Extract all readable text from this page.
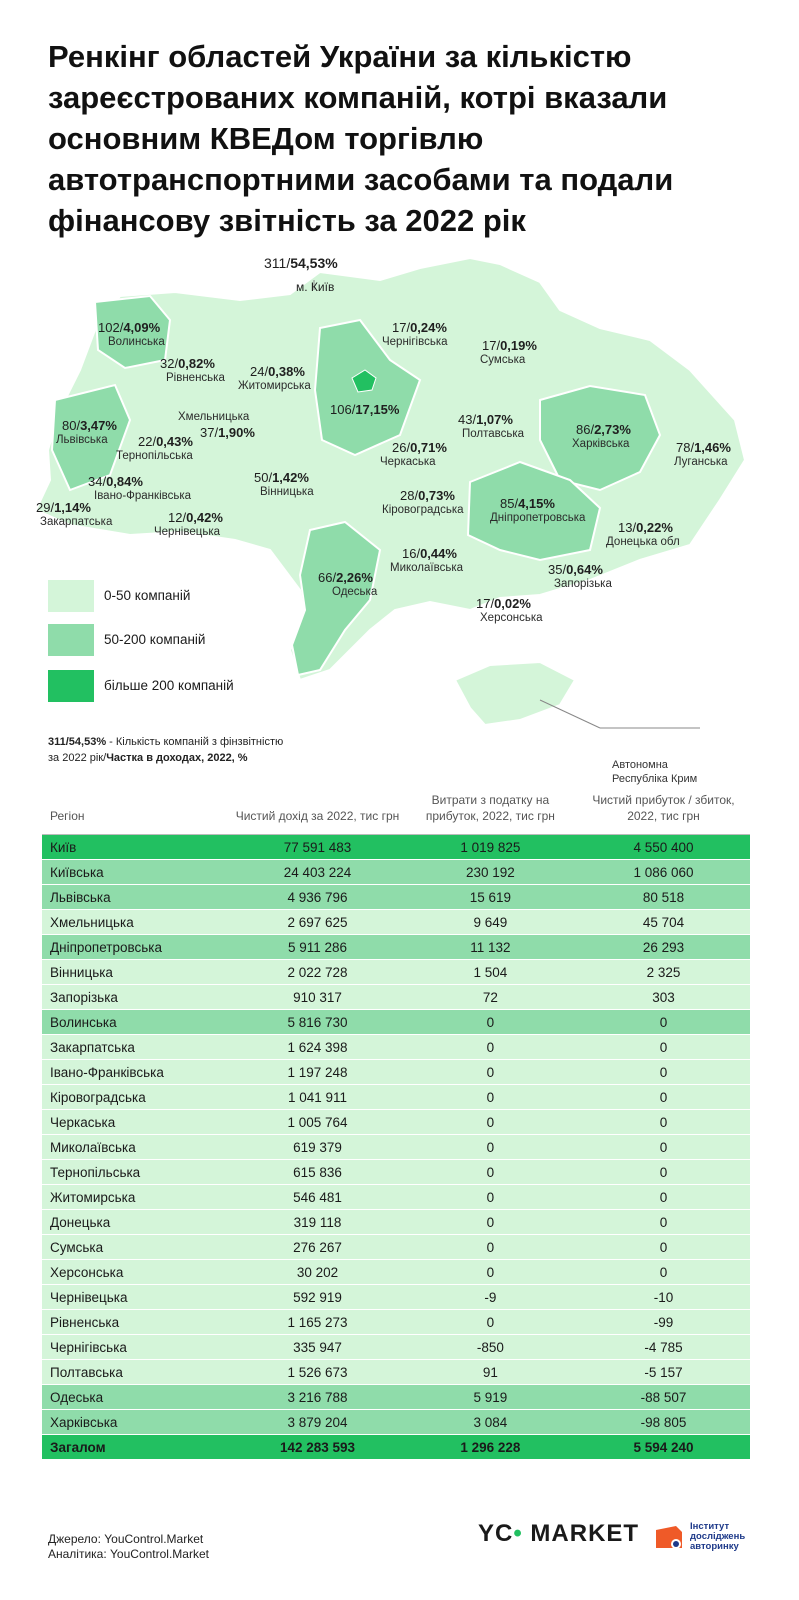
Ренкінг областей України за кількістю зареєстрованих компаній, котрі вказали основним КВЕДом торгівлю автотранспортними засобами та подали фінансову звітність за 2022 рік
311/54,53%
м. Київ
102/4,09%
Волинська
32/0,82%
Рівненська 24/0,38%
Житомирська
106/17,15%
17/0,24%
Чернігівська	17/0,19%
Сумська
80/3,47%
Львівська
Хмельницька
37/1,90%
22/0,43%
Тернопільська
43/1,07%
Полтавська
26/0,71%
Черкаська
86/2,73%
Харківська	78/1,46%
Луганська
34/0,84%
Івано-Франківська
50/1,42%
Вінницька	28/0,73%
Кіровоградська	85/4,15%
Дніпропетровська
29/1,14%
Закарпатська	12/0,42%
Чернівецька	13/0,22%
Донецька обл
16/0,44%
Миколаївська
66/2,26%
Одеська
35/0,64%
Запорізька
17/0,02%
Херсонська
0-50 компаній
50-200 компаній
більше 200 компаній
311/54,53% - Кількість компаній з фінзвітністю
за 2022 рік/Частка в доходах, 2022, %
Автономна Республіка Крим
Регіон	Чистий дохід за 2022, тис грн	Витрати з податку на прибуток, 2022, тис грн	Чистий прибуток / збиток, 2022, тис грн
Київ	77 591 483	1 019 825	4 550 400
Київська	24 403 224	230 192	1 086 060
Львівська	4 936 796	15 619	80 518
Хмельницька	2 697 625	9 649	45 704
Дніпропетровська	5 911 286	11 132	26 293
Вінницька	2 022 728	1 504	2 325
Запорізька	910 317	72	303
Волинська	5 816 730	0	0
Закарпатська	1 624 398	0	0
Івано-Франківська	1 197 248	0	0
Кіровоградська	1 041 911	0	0
Черкаська	1 005 764	0	0
Миколаївська	619 379	0	0
Тернопільська	615 836	0	0
Житомирська	546 481	0	0
Донецька	319 118	0	0
Сумська	276 267	0	0
Херсонська	30 202	0	0
Чернівецька	592 919	-9	-10
Рівненська	1 165 273	0	-99
Чернігівська	335 947	-850	-4 785
Полтавська	1 526 673	91	-5 157
Одеська	3 216 788	5 919	-88 507
Харківська	3 879 204	3 084	-98 805
Загалом	142 283 593	1 296 228	5 594 240
Джерело: YouControl.Market
Аналітика: YouControl.Market
YC• MARKET	Інститут
досліджень
авторинку
